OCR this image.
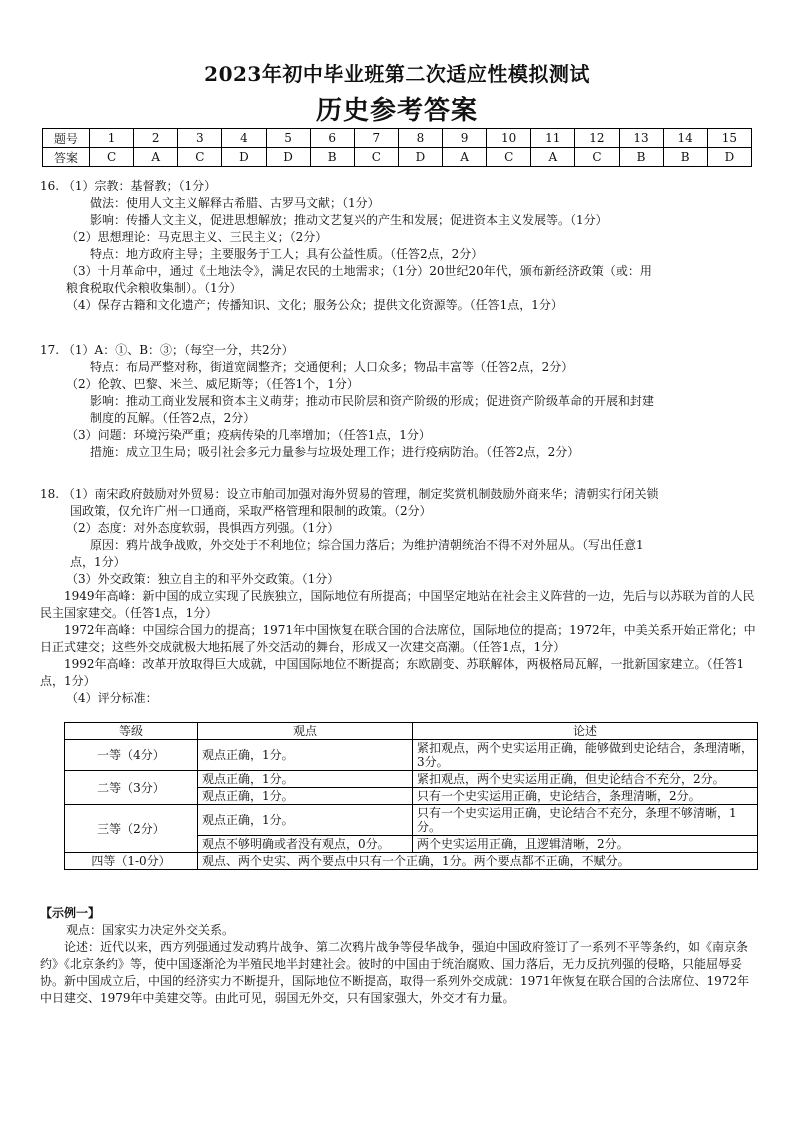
2023年初中毕业班第二次适应性模拟测试
历史参考答案
题号	1	2	3	4	5	6	7	8	9	10	11	12	13	14	15
答案	C	A	C	D	D	B	C	D	A	C	A	C	B	B	D
16. （1）宗教：基督教；（1分）
做法：使用人文主义解释古希腊、古罗马文献；（1分）
影响：传播人文主义，促进思想解放；推动文艺复兴的产生和发展；促进资本主义发展等。（1分）
（2）思想理论：马克思主义、三民主义；（2分）
特点：地方政府主导；主要服务于工人；具有公益性质。（任答2点，2分）
（3）十月革命中，通过《土地法令》，满足农民的土地需求；（1分）20世纪20年代，颁布新经济政策（或：用
粮食税取代余粮收集制）。（1分）
（4）保存古籍和文化遗产；传播知识、文化；服务公众；提供文化资源等。（任答1点，1分）
17. （1）A：①、B：③；（每空一分，共2分）
特点：布局严整对称，街道宽阔整齐；交通便利；人口众多；物品丰富等（任答2点，2分）
（2）伦敦、巴黎、米兰、威尼斯等；（任答1个，1分）
影响：推动工商业发展和资本主义萌芽；推动市民阶层和资产阶级的形成；促进资产阶级革命的开展和封建
制度的瓦解。（任答2点，2分）
（3）问题：环境污染严重；疫病传染的几率增加；（任答1点，1分）
措施：成立卫生局；吸引社会多元力量参与垃圾处理工作；进行疫病防治。（任答2点，2分）
18. （1）南宋政府鼓励对外贸易：设立市舶司加强对海外贸易的管理，制定奖赏机制鼓励外商来华；清朝实行闭关锁
国政策，仅允许广州一口通商，采取严格管理和限制的政策。（2分）
（2）态度：对外态度软弱，畏惧西方列强。（1分）
原因：鸦片战争战败，外交处于不利地位；综合国力落后；为维护清朝统治不得不对外屈从。（写出任意1
点，1分）
（3）外交政策：独立自主的和平外交政策。（1分）
1949年高峰：新中国的成立实现了民族独立，国际地位有所提高；中国坚定地站在社会主义阵营的一边，先后与以苏联为首的人民民主国家建交。（任答1点，1分）
1972年高峰：中国综合国力的提高；1971年中国恢复在联合国的合法席位，国际地位的提高；1972年，中美关系开始正常化；中日正式建交；这些外交成就极大地拓展了外交活动的舞台，形成又一次建交高潮。（任答1点，1分）
1992年高峰：改革开放取得巨大成就，中国国际地位不断提高；东欧剧变、苏联解体，两极格局瓦解，一批新国家建立。（任答1点，1分）
（4）评分标准：
等级	观点	论述
一等（4分）	观点正确，1分。	紧扣观点，两个史实运用正确，能够做到史论结合，条理清晰，3分。
二等（3分）	观点正确，1分。	紧扣观点，两个史实运用正确，但史论结合不充分，2分。
	观点正确，1分。	只有一个史实运用正确，史论结合，条理清晰，2分。
三等（2分）	观点正确，1分。	只有一个史实运用正确，史论结合不充分，条理不够清晰，1分。
	观点不够明确或者没有观点，0分。	两个史实运用正确，且逻辑清晰，2分。
四等（1-0分）	观点、两个史实、两个要点中只有一个正确，1分。两个要点都不正确，不赋分。	
【示例一】
观点：国家实力决定外交关系。
论述：近代以来，西方列强通过发动鸦片战争、第二次鸦片战争等侵华战争，强迫中国政府签订了一系列不平等条约，如《南京条约》《北京条约》等，使中国逐渐沦为半殖民地半封建社会。彼时的中国由于统治腐败、国力落后，无力反抗列强的侵略，只能屈辱妥协。新中国成立后，中国的经济实力不断提升，国际地位不断提高，取得一系列外交成就：1971年恢复在联合国的合法席位、1972年中日建交、1979年中美建交等。由此可见，弱国无外交，只有国家强大，外交才有力量。
